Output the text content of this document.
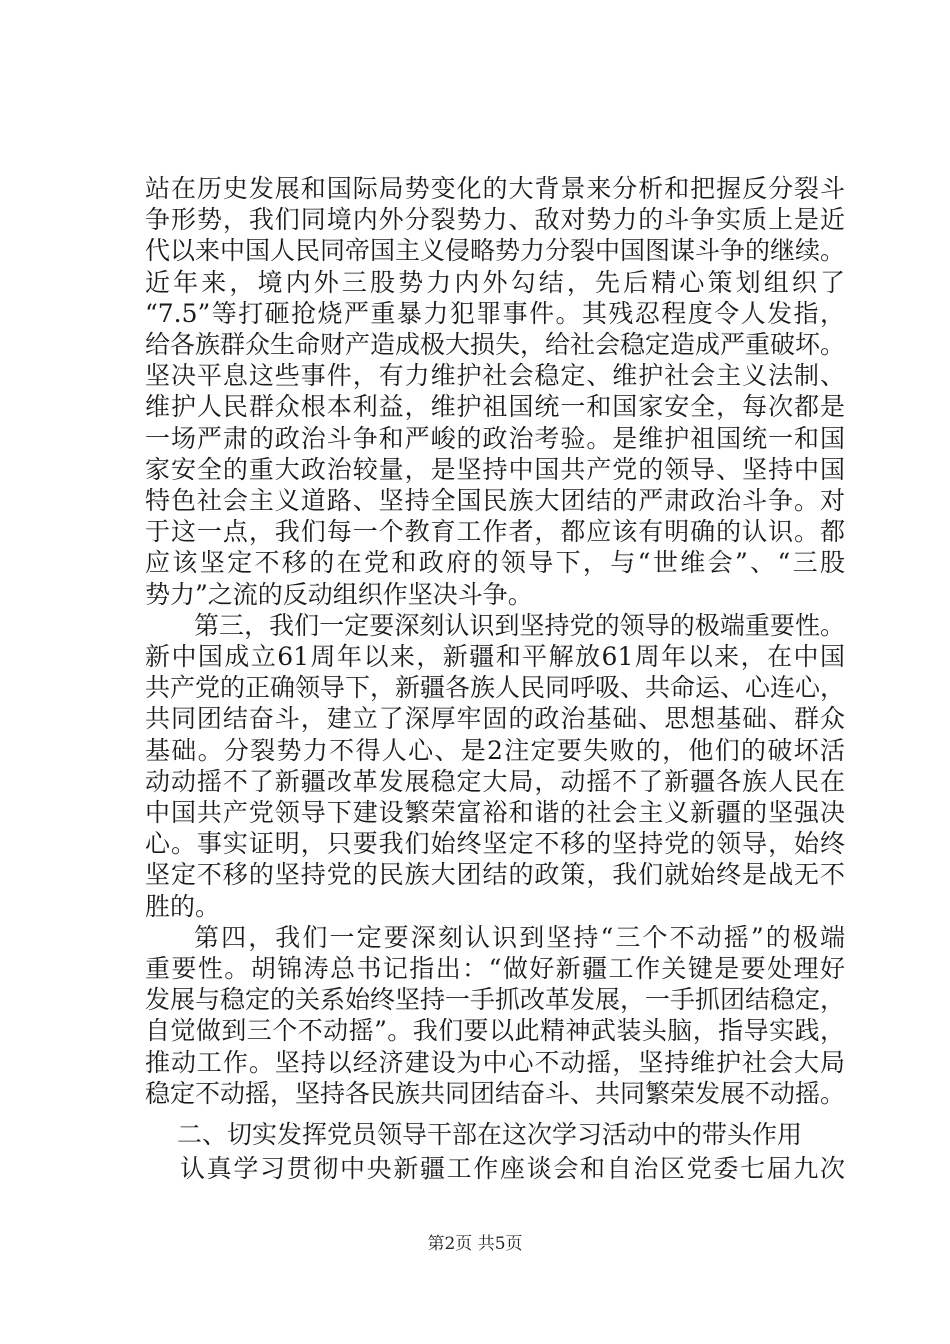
站在历史发展和国际局势变化的大背景来分析和把握反分裂斗
争形势，我们同境内外分裂势力、敌对势力的斗争实质上是近
代以来中国人民同帝国主义侵略势力分裂中国图谋斗争的继续。
近年来，境内外三股势力内外勾结，先后精心策划组织了
“7.5”等打砸抢烧严重暴力犯罪事件。其残忍程度令人发指，
给各族群众生命财产造成极大损失，给社会稳定造成严重破坏。
坚决平息这些事件，有力维护社会稳定、维护社会主义法制、
维护人民群众根本利益，维护祖国统一和国家安全，每次都是
一场严肃的政治斗争和严峻的政治考验。是维护祖国统一和国
家安全的重大政治较量，是坚持中国共产党的领导、坚持中国
特色社会主义道路、坚持全国民族大团结的严肃政治斗争。对
于这一点，我们每一个教育工作者，都应该有明确的认识。都
应该坚定不移的在党和政府的领导下，与“世维会”、“三股
势力”之流的反动组织作坚决斗争。
第三，我们一定要深刻认识到坚持党的领导的极端重要性。
新中国成立61周年以来，新疆和平解放61周年以来，在中国
共产党的正确领导下，新疆各族人民同呼吸、共命运、心连心，
共同团结奋斗，建立了深厚牢固的政治基础、思想基础、群众
基础。分裂势力不得人心、是2注定要失败的，他们的破坏活
动动摇不了新疆改革发展稳定大局，动摇不了新疆各族人民在
中国共产党领导下建设繁荣富裕和谐的社会主义新疆的坚强决
心。事实证明，只要我们始终坚定不移的坚持党的领导，始终
坚定不移的坚持党的民族大团结的政策，我们就始终是战无不
胜的。
第四，我们一定要深刻认识到坚持“三个不动摇”的极端
重要性。胡锦涛总书记指出：“做好新疆工作关键是要处理好
发展与稳定的关系始终坚持一手抓改革发展，一手抓团结稳定，
自觉做到三个不动摇”。我们要以此精神武装头脑，指导实践，
推动工作。坚持以经济建设为中心不动摇，坚持维护社会大局
稳定不动摇，坚持各民族共同团结奋斗、共同繁荣发展不动摇。
二、切实发挥党员领导干部在这次学习活动中的带头作用
认真学习贯彻中央新疆工作座谈会和自治区党委七届九次
第2页 共5页
